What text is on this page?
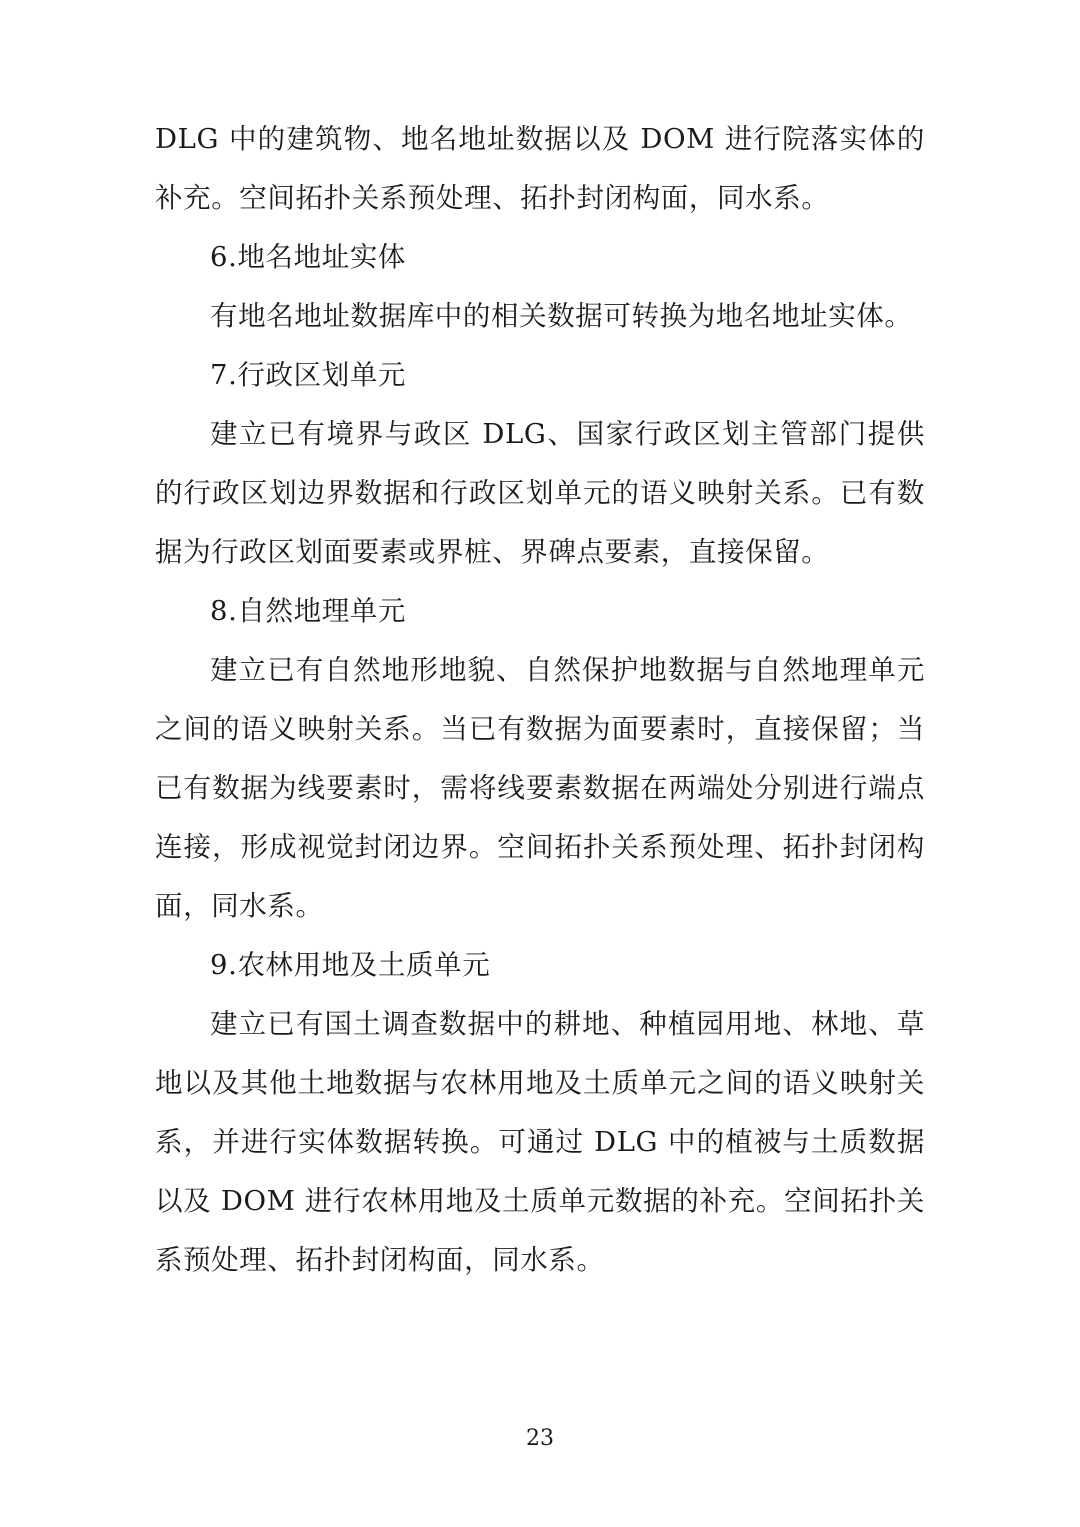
DLG 中的建筑物、地名地址数据以及 DOM 进行院落实体的补充。空间拓扑关系预处理、拓扑封闭构面，同水系。

6.地名地址实体

有地名地址数据库中的相关数据可转换为地名地址实体。

7.行政区划单元

建立已有境界与政区 DLG、国家行政区划主管部门提供的行政区划边界数据和行政区划单元的语义映射关系。已有数据为行政区划面要素或界桩、界碑点要素，直接保留。

8.自然地理单元

建立已有自然地形地貌、自然保护地数据与自然地理单元之间的语义映射关系。当已有数据为面要素时，直接保留；当已有数据为线要素时，需将线要素数据在两端处分别进行端点连接，形成视觉封闭边界。空间拓扑关系预处理、拓扑封闭构面，同水系。

9.农林用地及土质单元

建立已有国土调查数据中的耕地、种植园用地、林地、草地以及其他土地数据与农林用地及土质单元之间的语义映射关系，并进行实体数据转换。可通过 DLG 中的植被与土质数据以及 DOM 进行农林用地及土质单元数据的补充。空间拓扑关系预处理、拓扑封闭构面，同水系。

23
